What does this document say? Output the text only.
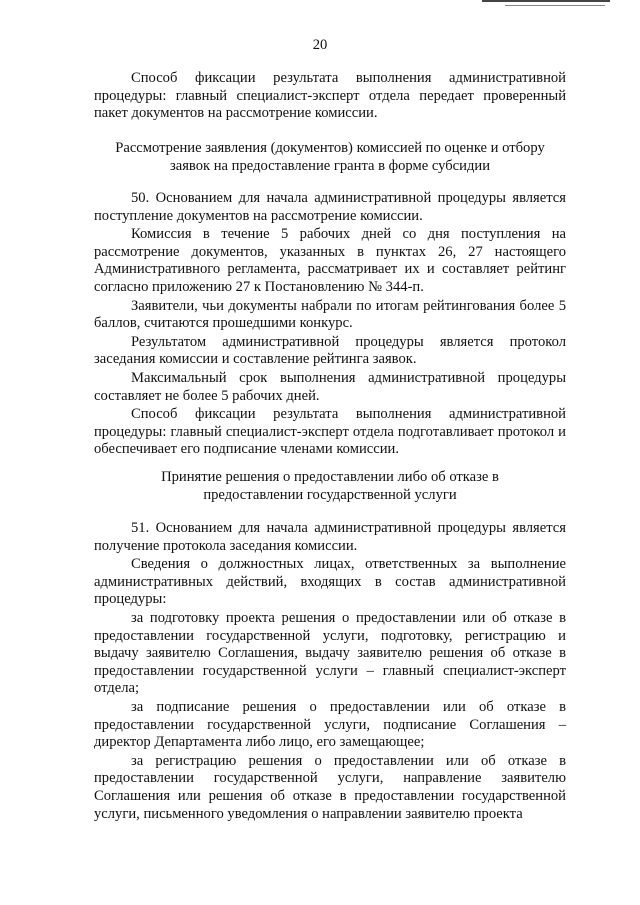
20

Способ фиксации результата выполнения административной процедуры: главный специалист-эксперт отдела передает проверенный пакет документов на рассмотрение комиссии.

Рассмотрение заявления (документов) комиссией по оценке и отбору

заявок на предоставление гранта в форме субсидии

50. Основанием для начала административной процедуры является поступление документов на рассмотрение комиссии.

Комиссия в течение 5 рабочих дней со дня поступления на рассмотрение документов, указанных в пунктах 26, 27 настоящего Административного регламента, рассматривает их и составляет рейтинг согласно приложению 27 к Постановлению № 344-п.

Заявители, чьи документы набрали по итогам рейтингования более 5 баллов, считаются прошедшими конкурс.

Результатом административной процедуры является протокол заседания комиссии и составление рейтинга заявок.

Максимальный срок выполнения административной процедуры составляет не более 5 рабочих дней.

Способ фиксации результата выполнения административной процедуры: главный специалист-эксперт отдела подготавливает протокол и обеспечивает его подписание членами комиссии.

Принятие решения о предоставлении либо об отказе в

предоставлении государственной услуги

51. Основанием для начала административной процедуры является получение протокола заседания комиссии.

Сведения о должностных лицах, ответственных за выполнение административных действий, входящих в состав административной процедуры:

за подготовку проекта решения о предоставлении или об отказе в предоставлении государственной услуги, подготовку, регистрацию и выдачу заявителю Соглашения, выдачу заявителю решения об отказе в предоставлении государственной услуги – главный специалист-эксперт отдела;

за подписание решения о предоставлении или об отказе в предоставлении государственной услуги, подписание Соглашения – директор Департамента либо лицо, его замещающее;

за регистрацию решения о предоставлении или об отказе в предоставлении государственной услуги, направление заявителю Соглашения или решения об отказе в предоставлении государственной услуги, письменного уведомления о направлении заявителю проекта
